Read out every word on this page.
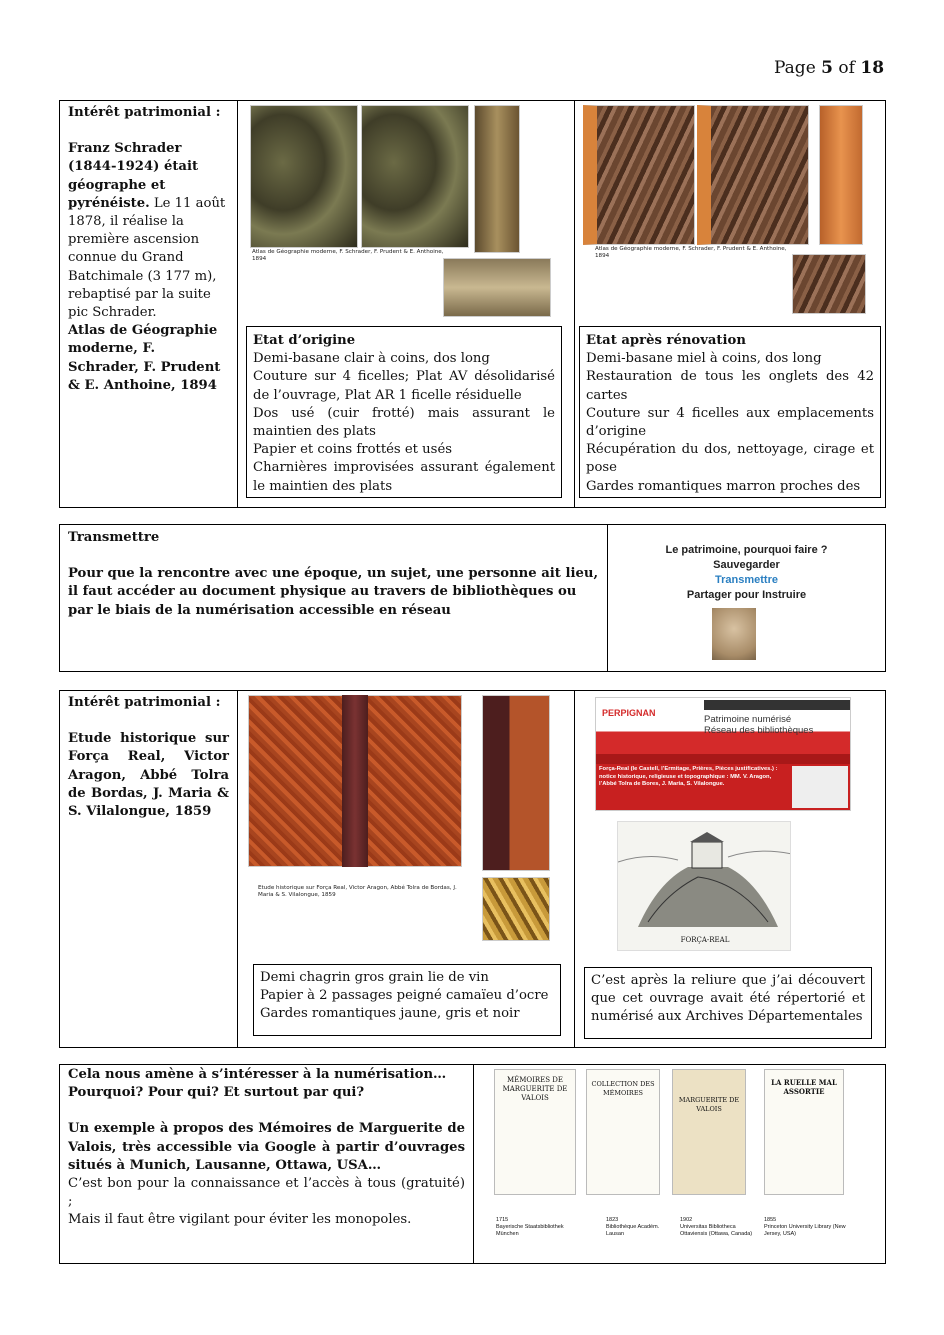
Page 5 of 18
Intérêt patrimonial :
Franz Schrader (1844-1924) était géographe et pyrénéiste. Le 11 août 1878, il réalise la première ascension connue du Grand Batchimale (3 177 m), rebaptisé par la suite pic Schrader.
Atlas de Géographie moderne, F. Schrader, F. Prudent & E. Anthoine, 1894
Atlas de Géographie moderne, F. Schrader, F. Prudent & E. Anthoine, 1894
Etat d’origine
Demi-basane clair à coins, dos long
Couture sur 4 ficelles; Plat AV désolidarisé de l’ouvrage, Plat AR 1 ficelle résiduelle
Dos usé (cuir frotté) mais assurant le maintien des plats
Papier et coins frottés et usés
Charnières improvisées assurant également le maintien des plats
Atlas de Géographie moderne, F. Schrader, F. Prudent & E. Anthoine, 1894
Etat après rénovation
Demi-basane miel à coins, dos long
Restauration de tous les onglets des 42 cartes
Couture sur 4 ficelles aux emplacements d’origine
Récupération du dos, nettoyage, cirage et pose
Gardes romantiques marron proches des
Transmettre
Pour que la rencontre avec une époque, un sujet, une personne ait lieu, il faut accéder au document physique au travers de bibliothèques ou par le biais de la numérisation accessible en réseau
Le patrimoine, pourquoi faire ?
Sauvegarder
Transmettre
Partager pour Instruire
Intérêt patrimonial :
Etude historique sur Força Real, Victor Aragon, Abbé Tolra de Bordas, J. Maria & S. Vilalongue, 1859
Etude historique sur Força Real, Victor Aragon, Abbé Tolra de Bordas, J. Maria & S. Vilalongue, 1859
Demi chagrin gros grain lie de vin
Papier à 2 passages peigné camaïeu d’ocre
Gardes romantiques jaune, gris et noir
PERPIGNAN
Patrimoine numérisé
Réseau des bibliothèques
Força-Real (le Castell, l’Ermitage, Prières, Pièces justificatives.) : notice historique, religieuse et topographique : MM. V. Aragon, l’Abbé Tolra de Bores, J. Maria, S. Vilalongue.
FORÇA-REAL
C’est après la reliure que j’ai découvert que cet ouvrage avait été répertorié et numérisé aux Archives Départementales
Cela nous amène à s’intéresser à la numérisation…
Pourquoi? Pour qui? Et surtout par qui?
Un exemple à propos des Mémoires de Marguerite de Valois, très accessible via Google à partir d’ouvrages situés à Munich, Lausanne, Ottawa, USA…
C’est bon pour la connaissance et l’accès à tous (gratuité) ;
Mais il faut être vigilant pour éviter les monopoles.
MÉMOIRES DE MARGUERITE DE VALOIS
COLLECTION DES MÉMOIRES
MARGUERITE DE VALOIS
LA RUELLE MAL ASSORTIE
1715
Bayerische Staatsbibliothek München
1823
Bibliothèque Académ. Lausan
1902
Universitas Bibliotheca Ottaviensis (Ottawa, Canada)
1855
Princeton University Library (New Jersey, USA)
